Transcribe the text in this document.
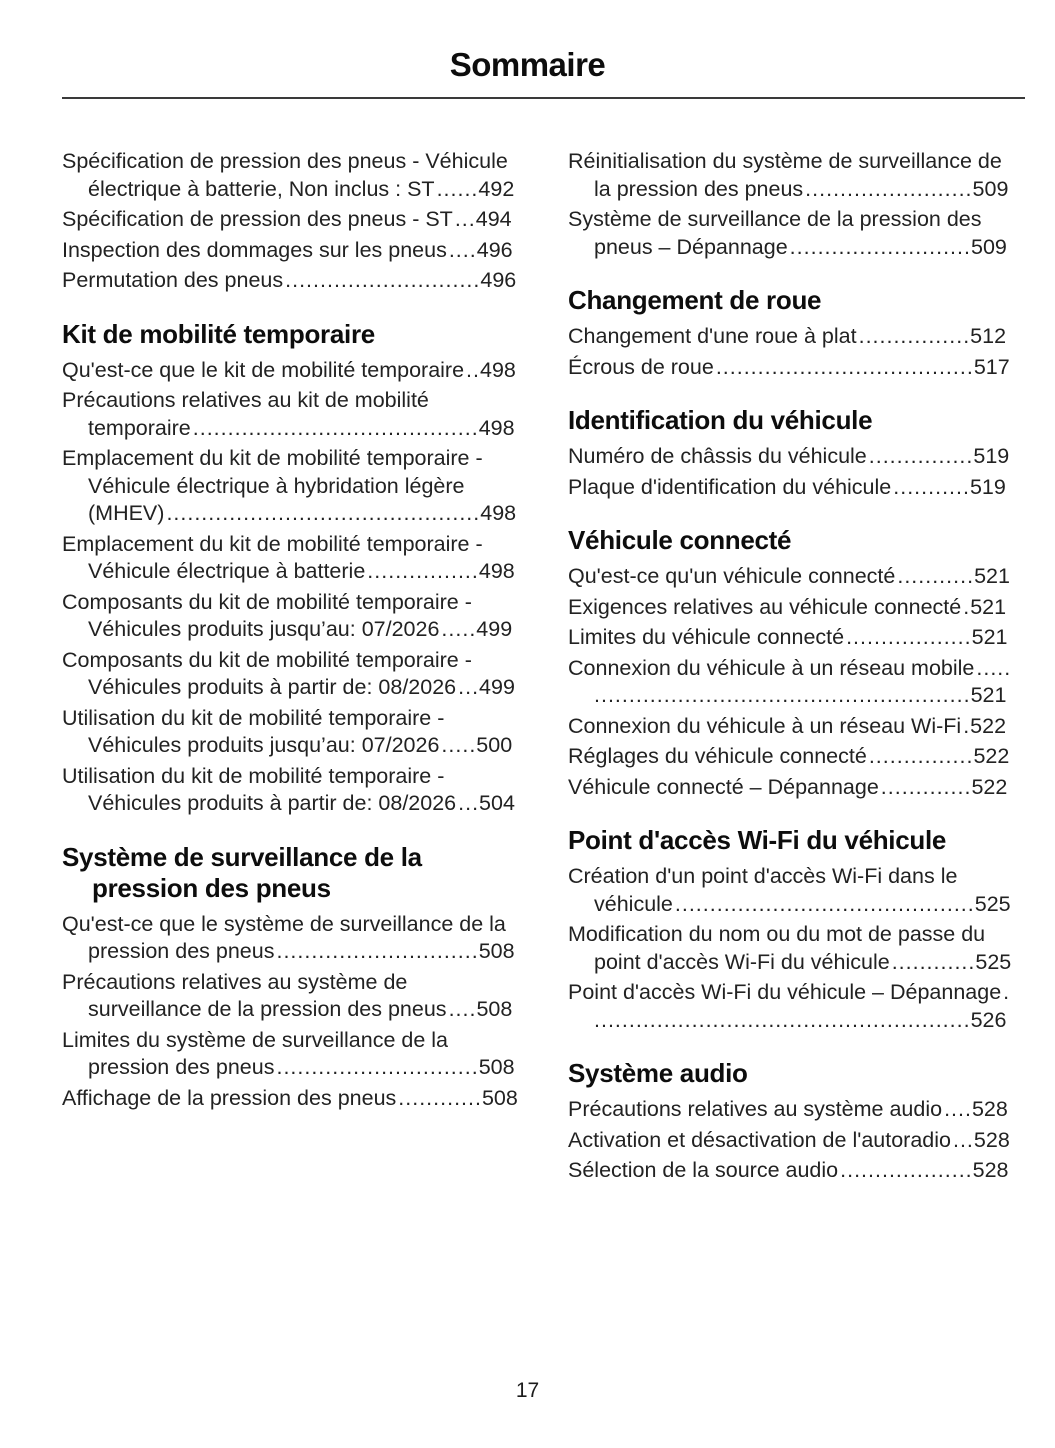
Sommaire
Spécification de pression des pneus - Véhicule électrique à batterie, Non inclus : ST​.​.​.​.​.​.​492
Spécification de pression des pneus - ST​.​.​.​494
Inspection des dommages sur les pneus​.​.​.​.​496
Permutation des pneus​.​.​.​.​.​.​.​.​.​.​.​.​.​.​.​.​.​.​.​.​.​.​.​.​.​.​.​.​496
Kit de mobilité temporaire
Qu'est-ce que le kit de mobilité temporaire​.​.​498
Précautions relatives au kit de mobilité temporaire​.​.​.​.​.​.​.​.​.​.​.​.​.​.​.​.​.​.​.​.​.​.​.​.​.​.​.​.​.​.​.​.​.​.​.​.​.​.​.​.​.​498
Emplacement du kit de mobilité temporaire - Véhicule électrique à hybridation légère (MHEV)​.​.​.​.​.​.​.​.​.​.​.​.​.​.​.​.​.​.​.​.​.​.​.​.​.​.​.​.​.​.​.​.​.​.​.​.​.​.​.​.​.​.​.​.​.​498
Emplacement du kit de mobilité temporaire - Véhicule électrique à batterie​.​.​.​.​.​.​.​.​.​.​.​.​.​.​.​.​498
Composants du kit de mobilité temporaire - Véhicules produits jusqu’au: 07/2026​.​.​.​.​.​499
Composants du kit de mobilité temporaire - Véhicules produits à partir de: 08/2026​.​.​.​499
Utilisation du kit de mobilité temporaire - Véhicules produits jusqu’au: 07/2026​.​.​.​.​.​500
Utilisation du kit de mobilité temporaire - Véhicules produits à partir de: 08/2026​.​.​.​504
Système de surveillance de la pression des pneus
Qu'est-ce que le système de surveillance de la pression des pneus​.​.​.​.​.​.​.​.​.​.​.​.​.​.​.​.​.​.​.​.​.​.​.​.​.​.​.​.​.​508
Précautions relatives au système de surveillance de la pression des pneus​.​.​.​.​508
Limites du système de surveillance de la pression des pneus​.​.​.​.​.​.​.​.​.​.​.​.​.​.​.​.​.​.​.​.​.​.​.​.​.​.​.​.​.​508
Affichage de la pression des pneus​.​.​.​.​.​.​.​.​.​.​.​.​508
Réinitialisation du système de surveillance de la pression des pneus​.​.​.​.​.​.​.​.​.​.​.​.​.​.​.​.​.​.​.​.​.​.​.​.​509
Système de surveillance de la pression des pneus – Dépannage​.​.​.​.​.​.​.​.​.​.​.​.​.​.​.​.​.​.​.​.​.​.​.​.​.​.​509
Changement de roue
Changement d'une roue à plat​.​.​.​.​.​.​.​.​.​.​.​.​.​.​.​.​512
Écrous de roue​.​.​.​.​.​.​.​.​.​.​.​.​.​.​.​.​.​.​.​.​.​.​.​.​.​.​.​.​.​.​.​.​.​.​.​.​.​517
Identification du véhicule
Numéro de châssis du véhicule​.​.​.​.​.​.​.​.​.​.​.​.​.​.​.​519
Plaque d'identification du véhicule​.​.​.​.​.​.​.​.​.​.​.​519
Véhicule connecté
Qu'est-ce qu'un véhicule connecté​.​.​.​.​.​.​.​.​.​.​.​521
Exigences relatives au véhicule connecté​.​521
Limites du véhicule connecté​.​.​.​.​.​.​.​.​.​.​.​.​.​.​.​.​.​.​521
Connexion du véhicule à un réseau mobile​.​.​.​.​.​.​.​.​.​.​.​.​.​.​.​.​.​.​.​.​.​.​.​.​.​.​.​.​.​.​.​.​.​.​.​.​.​.​.​.​.​.​.​.​.​.​.​.​.​.​.​.​.​.​.​.​.​.​.​521
Connexion du véhicule à un réseau Wi-Fi​.​522
Réglages du véhicule connecté​.​.​.​.​.​.​.​.​.​.​.​.​.​.​.​522
Véhicule connecté – Dépannage​.​.​.​.​.​.​.​.​.​.​.​.​.​522
Point d'accès Wi-Fi du véhicule
Création d'un point d'accès Wi-Fi dans le véhicule​.​.​.​.​.​.​.​.​.​.​.​.​.​.​.​.​.​.​.​.​.​.​.​.​.​.​.​.​.​.​.​.​.​.​.​.​.​.​.​.​.​.​.​525
Modification du nom ou du mot de passe du point d'accès Wi-Fi du véhicule​.​.​.​.​.​.​.​.​.​.​.​.​525
Point d'accès Wi-Fi du véhicule – Dépannage​.​.​.​.​.​.​.​.​.​.​.​.​.​.​.​.​.​.​.​.​.​.​.​.​.​.​.​.​.​.​.​.​.​.​.​.​.​.​.​.​.​.​.​.​.​.​.​.​.​.​.​.​.​.​.​526
Système audio
Précautions relatives au système audio​.​.​.​.​528
Activation et désactivation de l'autoradio​.​.​.​528
Sélection de la source audio​.​.​.​.​.​.​.​.​.​.​.​.​.​.​.​.​.​.​.​528
17
